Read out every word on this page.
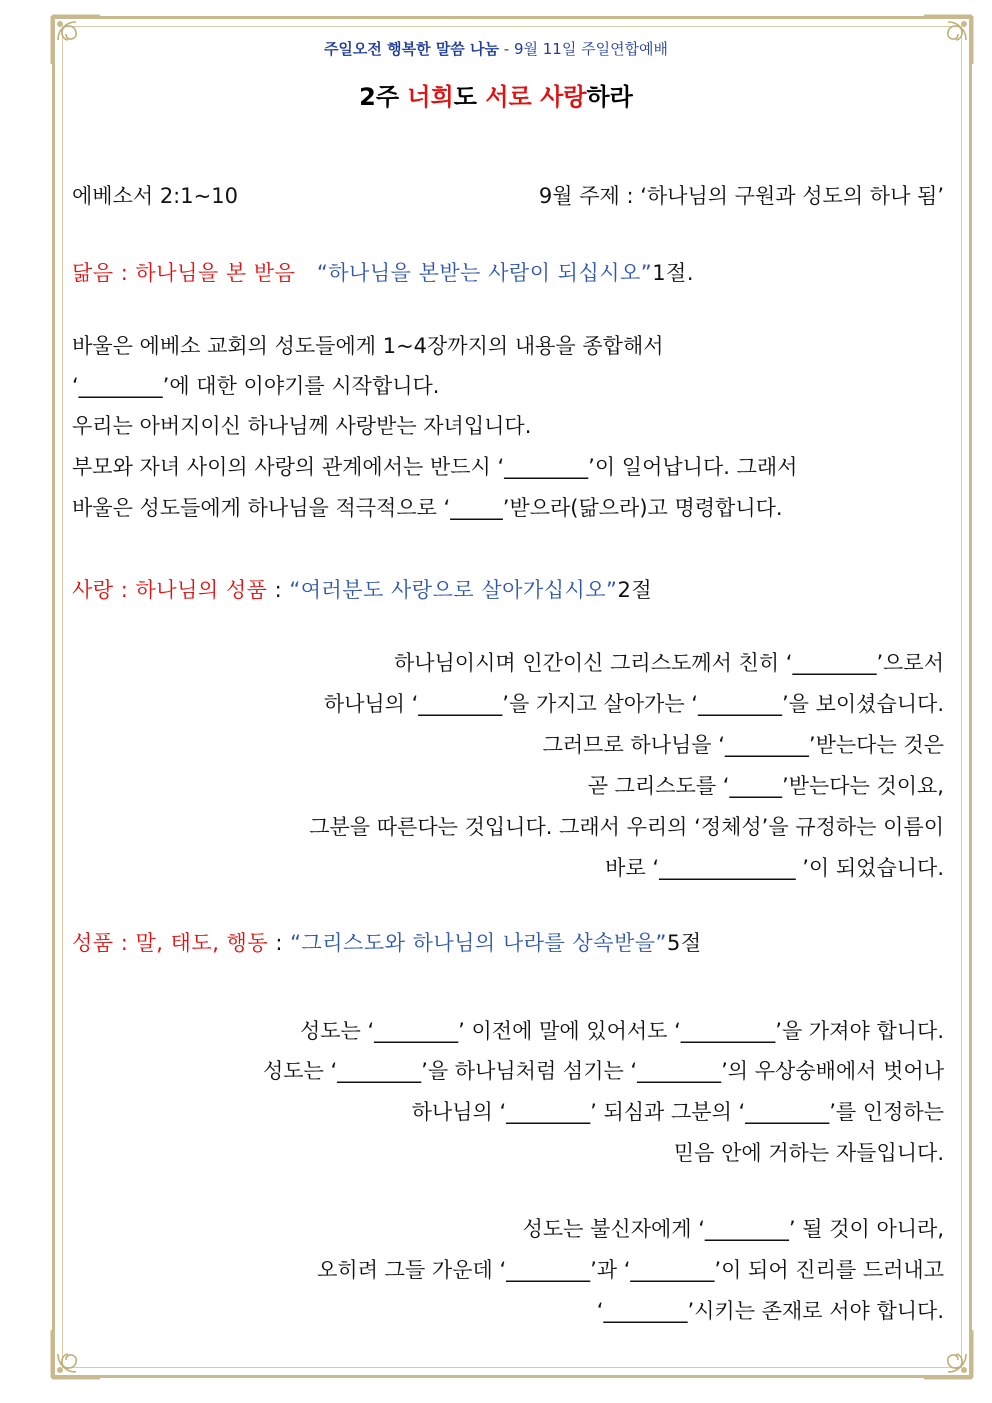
주일오전 행복한 말씀 나눔 - 9월 11일 주일연합예배
2주 너희도 서로 사랑하라
에베소서 2:1~10	9월 주제 : ‘하나님의 구원과 성도의 하나 됨’
닮음 : 하나님을 본 받음 “하나님을 본받는 사람이 되십시오”1절.
바울은 에베소 교회의 성도들에게 1~4장까지의 내용을 종합해서
‘________’에 대한 이야기를 시작합니다.
우리는 아버지이신 하나님께 사랑받는 자녀입니다.
부모와 자녀 사이의 사랑의 관계에서는 반드시 ‘________’이 일어납니다. 그래서
바울은 성도들에게 하나님을 적극적으로 ‘_____’받으라(닮으라)고 명령합니다.
사랑 : 하나님의 성품 : “여러분도 사랑으로 살아가십시오”2절
하나님이시며 인간이신 그리스도께서 친히 ‘________’으로서
하나님의 ‘________’을 가지고 살아가는 ‘________’을 보이셨습니다.
그러므로 하나님을 ‘________’받는다는 것은
곧 그리스도를 ‘_____’받는다는 것이요,
그분을 따른다는 것입니다. 그래서 우리의 ‘정체성’을 규정하는 이름이
바로 ‘_____________ ’이 되었습니다.
성품 : 말, 태도, 행동 : “그리스도와 하나님의 나라를 상속받을”5절
성도는 ‘________’ 이전에 말에 있어서도 ‘_________’을 가져야 합니다.
성도는 ‘________’을 하나님처럼 섬기는 ‘________’의 우상숭배에서 벗어나
하나님의 ‘________’ 되심과 그분의 ‘________’를 인정하는
믿음 안에 거하는 자들입니다.
성도는 불신자에게 ‘________’ 될 것이 아니라,
오히려 그들 가운데 ‘________’과 ‘________’이 되어 진리를 드러내고
‘________’시키는 존재로 서야 합니다.
